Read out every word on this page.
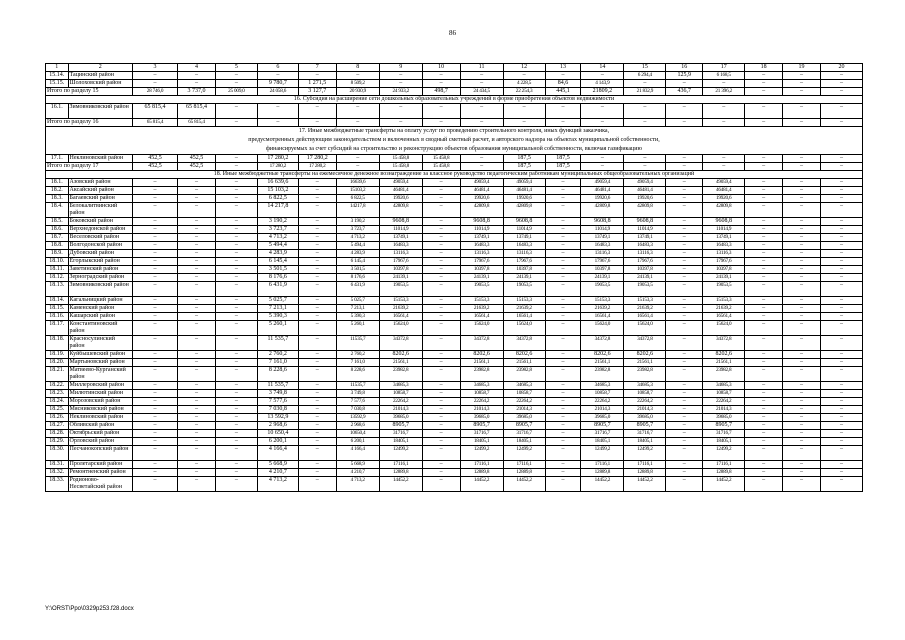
86
1	2	3	4	5	6	7	8	9	10	11	12	13	14	15	16	17	18	19	20
15.14.	Тацинский район	–	–	–	–	–	–	–	–	–	–	–	–	6 294,4	125,9	6 168,5	–	–	–
15.15.	Шолоховский район	–	–	–	9 780,7	1 271,5	8 509,2	–	–	–	4 228,5	84,6	4 143,9	–	–	–	–	–	–
Итого по разделу 15		28 746,0	3 737,0	25 009,0	24 058,6	3 127,7	20 930,9	24 933,2	498,7	24 434,5	22 254,3	445,1	21809,2	21 832,9	436,7	21 396,2	–	–	–
16. Субсидия на расширение сети дошкольных образовательных учреждений в форме приобретения объектов недвижимости																			
16.1.	Зимовниковский район	65 815,4	65 815,4	–	–	–	–	–	–	–	–	–	–	–	–	–	–	–	–
Итого по разделу 16		65 815,4	65 815,4	–	–	–	–	–	–	–	–	–	–	–	–	–	–	–	–

17. Иные межбюджетные трансферты на оплату услуг по проведению строительного контроля, иных функций заказчика,
предусмотренных действующим законодательством и включенных в сводный сметный расчет, и авторского надзора на объектах муниципальной собственности,
финансируемых за счет субсидий на строительство и реконструкцию объектов образования муниципальной собственности, включая газификацию																			

17.1.	Неклиновский район	452,5	452,5	–	17 280,2	17 280,2	–	15 458,8	15 458,8	–	187,5	187,5	–	–	–	–	–	–	–
Итого по разделу 17		452,5	452,5	–	17 280,2	17 280,2	–	15 458,8	15 458,8	–	187,5	187,5	–	–	–	–	–	–	–
18. Иные межбюджетные трансферты на ежемесячное денежное вознаграждение за классное руководство педагогическим работникам муниципальных общеобразовательных организаций																			
18.1.	Азовский район	–	–	–	16 639,6	–	16639,6	49059,4	–	49059,4	49059,4	–	49059,4	49059,4	–	49059,4	–	–	–
18.2.	Аксайский район	–	–	–	15 103,2	–	15103,2	46481,4	–	46481,4	46481,4	–	46481,4	46481,4	–	46481,4	–	–	–
18.3.	Багаевский район	–	–	–	6 822,5	–	6 822,5	19920,6	–	19920,6	19920,6	–	19920,6	19920,6	–	19920,6	–	–	–
18.4.	Белокалитвинский район	–	–	–	14 217,8	–	14217,8	42809,8	–	42809,8	42809,8	–	42809,8	42809,8	–	42809,8	–	–	–
18.5.	Боковский район	–	–	–	3 190,2	–	3 190,2	9608,8	–	9608,8	9608,8	–	9608,8	9608,8	–	9608,8	–	–	–
18.6.	Верхнедонской район	–	–	–	3 723,7	–	3 723,7	11014,9	–	11014,9	11014,9	–	11014,9	11014,9	–	11014,9	–	–	–
18.7.	Веселовский район	–	–	–	4 713,2	–	4 713,2	13749,1	–	13749,1	13749,1	–	13749,1	13749,1	–	13749,1	–	–	–
18.8.	Волгодонской район	–	–	–	5 494,4	–	5 494,4	16483,3	–	16483,3	16483,3	–	16483,3	16483,3	–	16483,3	–	–	–
18.9.	Дубовский район	–	–	–	4 283,9	–	4 283,9	13116,3	–	13116,3	13116,3	–	13116,3	13116,3	–	13116,3	–	–	–
18.10.	Егорлыкский район	–	–	–	6 145,4	–	6 145,4	17967,6	–	17967,6	17967,6	–	17967,6	17967,6	–	17967,6	–	–	–
18.11.	Заветинский район	–	–	–	3 501,5	–	3 501,5	10397,8	–	10397,8	10397,8	–	10397,8	10397,8	–	10397,8	–	–	–
18.12.	Зерноградский район	–	–	–	8 176,6	–	8 176,6	24139,1	–	24139,1	24139,1	–	24139,1	24139,1	–	24139,1	–	–	–
18.13.	Зимовниковский район	–	–	–	6 431,9	–	6 431,9	19053,5	–	19053,5	19053,5	–	19053,5	19053,5	–	19053,5	–	–	–
18.14.	Кагальницкий район	–	–	–	5 025,7	–	5 025,7	15153,3	–	15153,3	15153,3	–	15153,3	15153,3	–	15153,3	–	–	–
18.15.	Каменский район	–	–	–	7 213,1	–	7 213,1	21639,2	–	21639,2	21639,2	–	21639,2	21639,2	–	21639,2	–	–	–
18.16.	Кашарский район	–	–	–	5 390,3	–	5 390,3	16561,4	–	16561,4	16561,4	–	16561,4	16561,4	–	16561,4	–	–	–
18.17.	Константиновский район	–	–	–	5 260,1	–	5 260,1	15624,0	–	15624,0	15624,0	–	15624,0	15624,0	–	15624,0	–	–	–
18.18.	Красносулинский район	–	–	–	11 535,7	–	11535,7	34372,8	–	34372,8	34372,8	–	34372,8	34372,8	–	34372,8	–	–	–
18.19.	Куйбышевский район	–	–	–	2 760,2	–	2 760,2	8202,6	–	8202,6	8202,6	–	8202,6	8202,6	–	8202,6	–	–	–
18.20.	Мартыновский район	–	–	–	7 161,0	–	7 161,0	21561,1	–	21561,1	21561,1	–	21561,1	21561,1	–	21561,1	–	–	–
18.21.	Матвеево-Курганский район	–	–	–	8 228,6	–	8 228,6	23982,8	–	23982,8	23982,8	–	23982,8	23982,8	–	23982,8	–	–	–
18.22.	Миллеровский район	–	–	–	11 535,7	–	11535,7	34685,3	–	34685,3	34685,3	–	34685,3	34685,3	–	34685,3	–	–	–
18.23.	Милютинский район	–	–	–	3 749,8	–	3 749,8	10858,7	–	10858,7	10858,7	–	10858,7	10858,7	–	10858,7	–	–	–
18.24.	Морозовский район	–	–	–	7 577,6	–	7 577,6	22264,2	–	22264,2	22264,2	–	22264,2	22264,2	–	22264,2	–	–	–
18.25.	Мясниковский район	–	–	–	7 030,8	–	7 030,8	21014,3	–	21014,3	21014,3	–	21014,3	21014,3	–	21014,3	–	–	–
18.26.	Неклиновский район	–	–	–	13 592,9	–	13592,9	39685,0	–	39685,0	39685,0	–	39685,0	39685,0	–	39685,0	–	–	–
18.27.	Обливский район	–	–	–	2 968,6	–	2 968,6	8905,7	–	8905,7	8905,7	–	8905,7	8905,7	–	8905,7	–	–	–
18.28.	Октябрьский район	–	–	–	10 650,4	–	10650,4	31716,7	–	31716,7	31716,7	–	31716,7	31716,7	–	31716,7	–	–	–
18.29.	Орловский район	–	–	–	6 200,1	–	6 200,1	18405,1	–	18405,1	18405,1	–	18405,1	18405,1	–	18405,1	–	–	–
18.30.	Песчанокопский район	–	–	–	4 166,4	–	4 166,4	12499,2	–	12499,2	12499,2	–	12499,2	12499,2	–	12499,2	–	–	–
18.31.	Пролетарский район	–	–	–	5 668,9	–	5 668,9	17116,1	–	17116,1	17116,1	–	17116,1	17116,1	–	17116,1	–	–	–
18.32.	Ремонтненский район	–	–	–	4 210,7	–	4 210,7	12889,8	–	12889,8	12889,8	–	12889,8	12889,8	–	12889,8	–	–	–
18.33.	Родионово-Несветайский район	–	–	–	4 713,2	–	4 713,2	14452,2	–	14452,2	14452,2	–	14452,2	14452,2	–	14452,2	–	–	–
Y:\ORST\Ppo\0329p253.f28.docx
